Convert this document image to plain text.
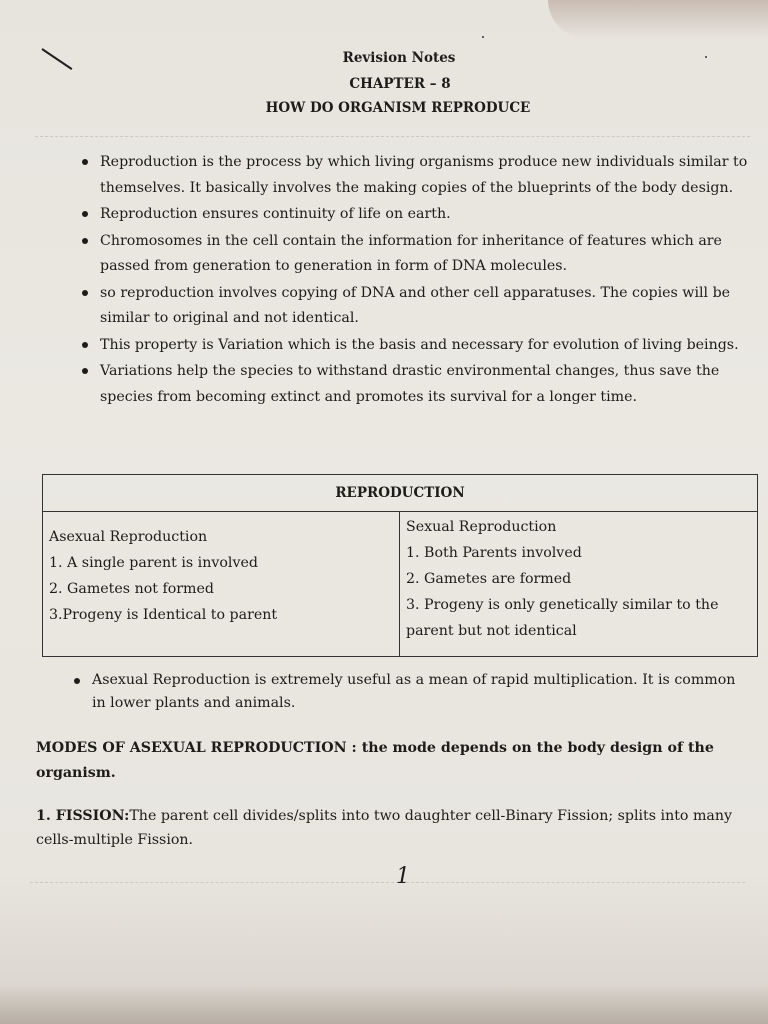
Revision Notes
CHAPTER – 8
HOW DO ORGANISM REPRODUCE
Reproduction is the process by which living organisms produce new individuals similar to themselves. It basically involves the making copies of the blueprints of the body design.
Reproduction ensures continuity of life on earth.
Chromosomes in the cell contain the information for inheritance of features which are passed from generation to generation in form of DNA molecules.
so reproduction involves copying of DNA and other cell apparatuses. The copies will be similar to original and not identical.
This property is Variation which is the basis and necessary for evolution of living beings.
Variations help the species to withstand drastic environmental changes, thus save the species from becoming extinct and promotes its survival for a longer time.
REPRODUCTION
Asexual Reproduction
1. A single parent is involved
2. Gametes not formed
3.Progeny is Identical to parent
Sexual Reproduction
1. Both Parents involved
2. Gametes are formed
3. Progeny is only genetically similar to the parent but not identical
Asexual Reproduction is extremely useful as a mean of rapid multiplication. It is common in lower plants and animals.
MODES OF ASEXUAL REPRODUCTION : the mode depends on the body design of the organism.
1. FISSION:The parent cell divides/splits into two daughter cell-Binary Fission; splits into many cells-multiple Fission.
1
